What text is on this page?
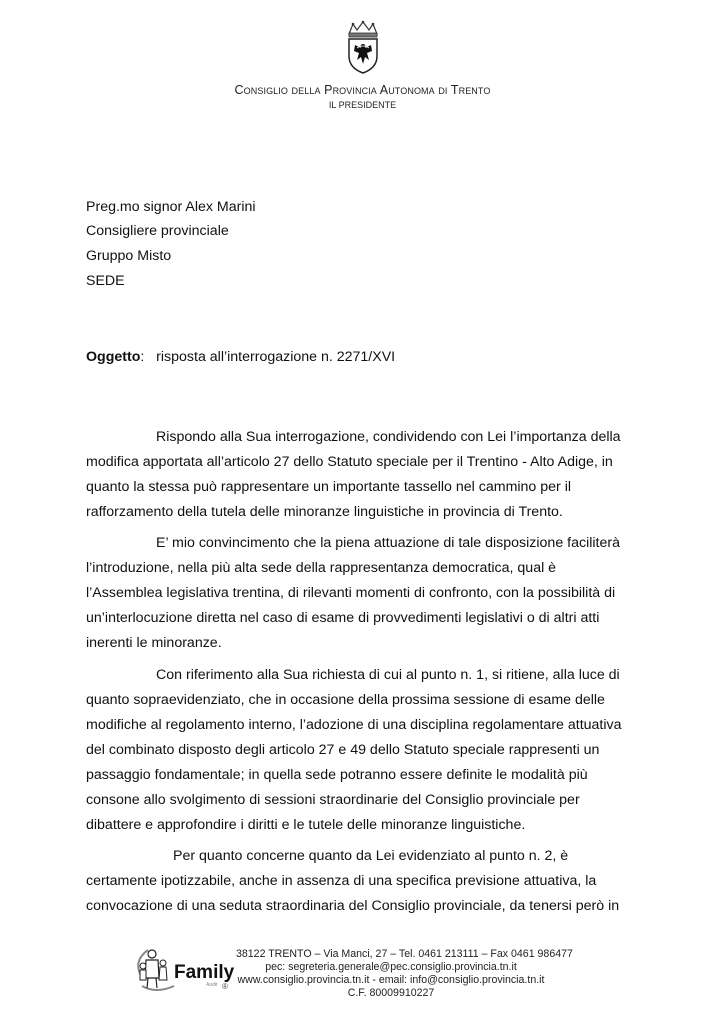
Consiglio della Provincia Autonoma di Trento
IL PRESIDENTE
Preg.mo signor Alex Marini
Consigliere provinciale
Gruppo Misto
SEDE
Oggetto: risposta all’interrogazione n. 2271/XVI
Rispondo alla Sua interrogazione, condividendo con Lei l’importanza della
modifica apportata all’articolo 27 dello Statuto speciale per il Trentino - Alto Adige, in
quanto la stessa può rappresentare un importante tassello nel cammino per il
rafforzamento della tutela delle minoranze linguistiche in provincia di Trento.
E’ mio convincimento che la piena attuazione di tale disposizione faciliterà
l’introduzione, nella più alta sede della rappresentanza democratica, qual è
l’Assemblea legislativa trentina, di rilevanti momenti di confronto, con la possibilità di
un’interlocuzione diretta nel caso di esame di provvedimenti legislativi o di altri atti
inerenti le minoranze.
Con riferimento alla Sua richiesta di cui al punto n. 1, si ritiene, alla luce di
quanto sopraevidenziato, che in occasione della prossima sessione di esame delle
modifiche al regolamento interno, l’adozione di una disciplina regolamentare attuativa
del combinato disposto degli articolo 27 e 49 dello Statuto speciale rappresenti un
passaggio fondamentale; in quella sede potranno essere definite le modalità più
consone allo svolgimento di sessioni straordinarie del Consiglio provinciale per
dibattere e approfondire i diritti e le tutele delle minoranze linguistiche.
Per quanto concerne quanto da Lei evidenziato al punto n. 2, è
certamente ipotizzabile, anche in assenza di una specifica previsione attuativa, la
convocazione di una seduta straordinaria del Consiglio provinciale, da tenersi però in
Family
Audit ®
38122 TRENTO – Via Manci, 27 – Tel. 0461 213111 – Fax 0461 986477
pec: segreteria.generale@pec.consiglio.provincia.tn.it
www.consiglio.provincia.tn.it - email: info@consiglio.provincia.tn.it
C.F. 80009910227
